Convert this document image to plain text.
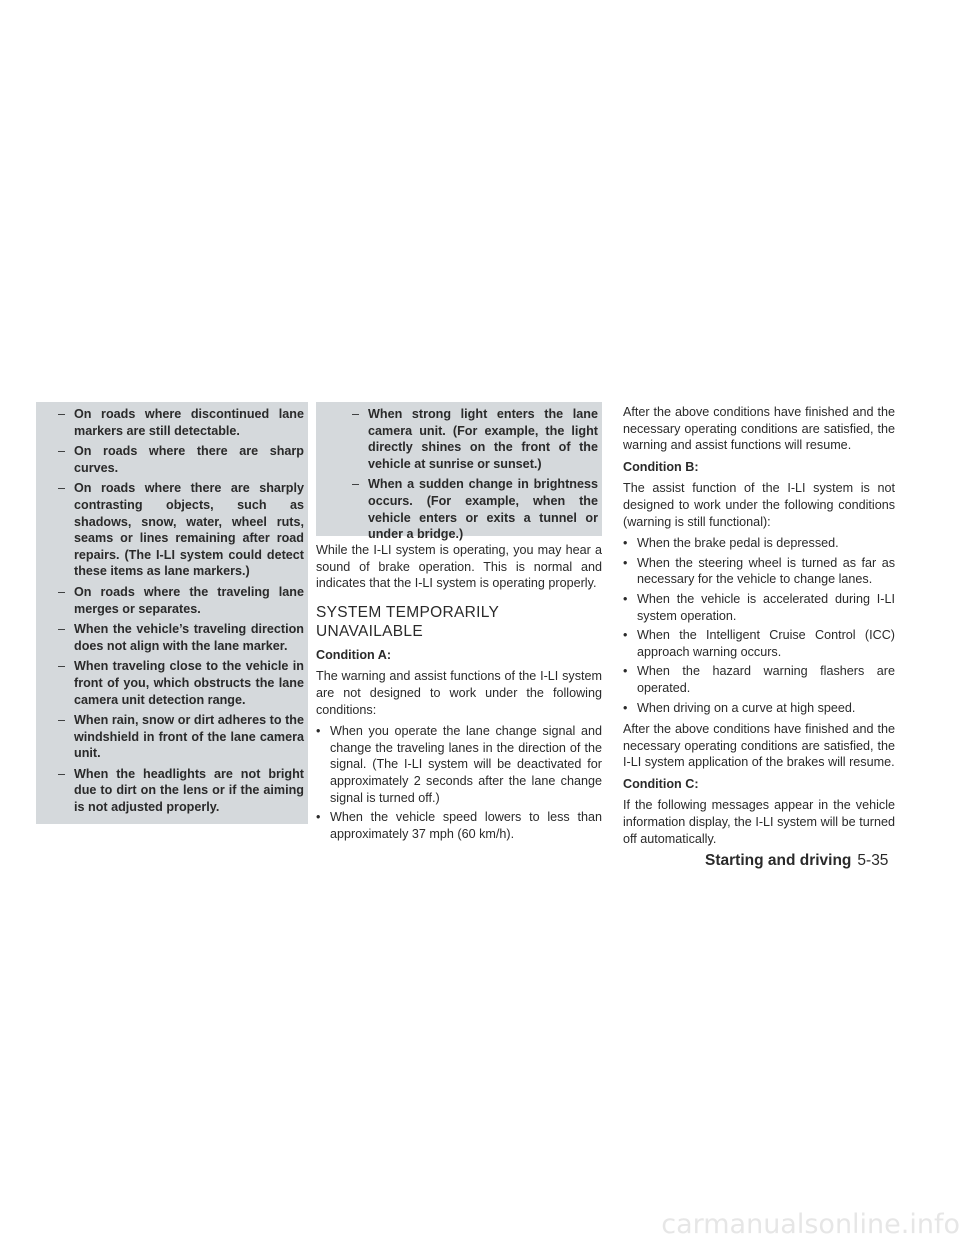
– On roads where discontinued lane markers are still detectable.
– On roads where there are sharp curves.
– On roads where there are sharply contrasting objects, such as shadows, snow, water, wheel ruts, seams or lines remaining after road repairs. (The I-LI system could detect these items as lane markers.)
– On roads where the traveling lane merges or separates.
– When the vehicle’s traveling direction does not align with the lane marker.
– When traveling close to the vehicle in front of you, which obstructs the lane camera unit detection range.
– When rain, snow or dirt adheres to the windshield in front of the lane camera unit.
– When the headlights are not bright due to dirt on the lens or if the aiming is not adjusted properly.
– When strong light enters the lane camera unit. (For example, the light directly shines on the front of the vehicle at sunrise or sunset.)
– When a sudden change in brightness occurs. (For example, when the vehicle enters or exits a tunnel or under a bridge.)

While the I-LI system is operating, you may hear a sound of brake operation. This is normal and indicates that the I-LI system is operating properly.

SYSTEM TEMPORARILY UNAVAILABLE
Condition A:

The warning and assist functions of the I-LI system are not designed to work under the following conditions:

• When you operate the lane change signal and change the traveling lanes in the direction of the signal. (The I-LI system will be deactivated for approximately 2 seconds after the lane change signal is turned off.)
• When the vehicle speed lowers to less than approximately 37 mph (60 km/h).

After the above conditions have finished and the necessary operating conditions are satisfied, the warning and assist functions will resume.

Condition B:

The assist function of the I-LI system is not designed to work under the following conditions (warning is still functional):

• When the brake pedal is depressed.
• When the steering wheel is turned as far as necessary for the vehicle to change lanes.
• When the vehicle is accelerated during I-LI system operation.
• When the Intelligent Cruise Control (ICC) approach warning occurs.
• When the hazard warning flashers are operated.
• When driving on a curve at high speed.

After the above conditions have finished and the necessary operating conditions are satisfied, the I-LI system application of the brakes will resume.

Condition C:

If the following messages appear in the vehicle information display, the I-LI system will be turned off automatically.

Starting and driving 5-35
carmanualsonline.info
